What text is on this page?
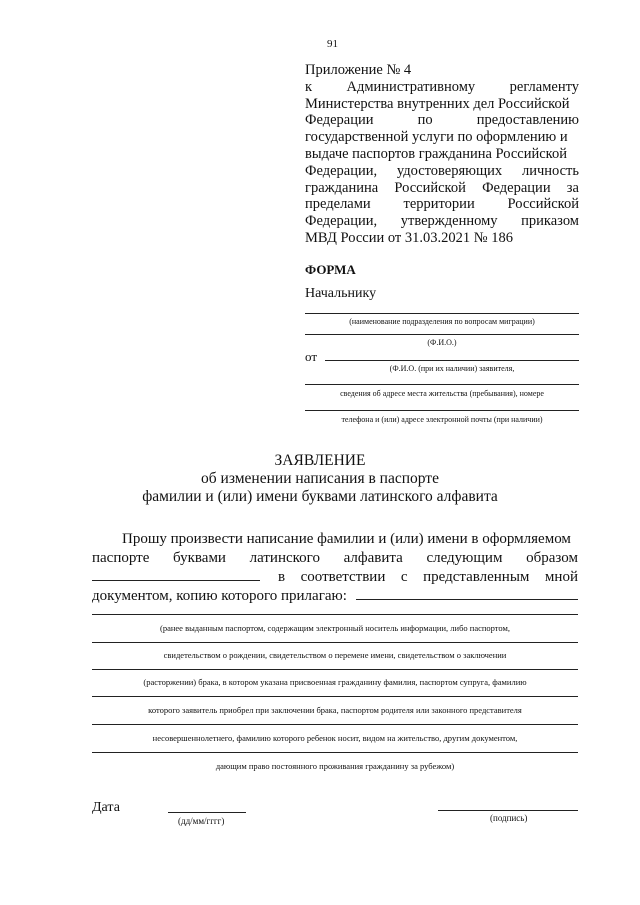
91
Приложение № 4
к Административному регламенту
Министерства внутренних дел Российской
Федерации	по	предоставлению
государственной услуги по оформлению и
выдаче паспортов гражданина Российской
Федерации, удостоверяющих личность
гражданина Российской Федерации за
пределами территории Российской
Федерации, утвержденному приказом
МВД России от 31.03.2021 № 186
ФОРМА
Начальнику
(наименование подразделения по вопросам миграции)
(Ф.И.О.)
от
(Ф.И.О. (при их наличии) заявителя,
сведения об адресе места жительства (пребывания), номере
телефона и (или) адресе электронной почты (при наличии)
ЗАЯВЛЕНИЕ
об изменении написания в паспорте
фамилии и (или) имени буквами латинского алфавита
Прошу произвести написание фамилии и (или) имени в оформляемом
паспорте буквами латинского алфавита следующим образом
в соответствии с представленным мной
документом, копию которого прилагаю:
(ранее выданным паспортом, содержащим электронный носитель информации, либо паспортом,
свидетельством о рождении, свидетельством о перемене имени, свидетельством о заключении
(расторжении) брака, в котором указана присвоенная гражданину фамилия, паспортом супруга, фамилию
которого заявитель приобрел при заключении брака, паспортом родителя или законного представителя
несовершеннолетнего, фамилию которого ребенок носит, видом на жительство, другим документом,
дающим право постоянного проживания гражданину за рубежом)
Дата
(дд/мм/гггг)	(подпись)
